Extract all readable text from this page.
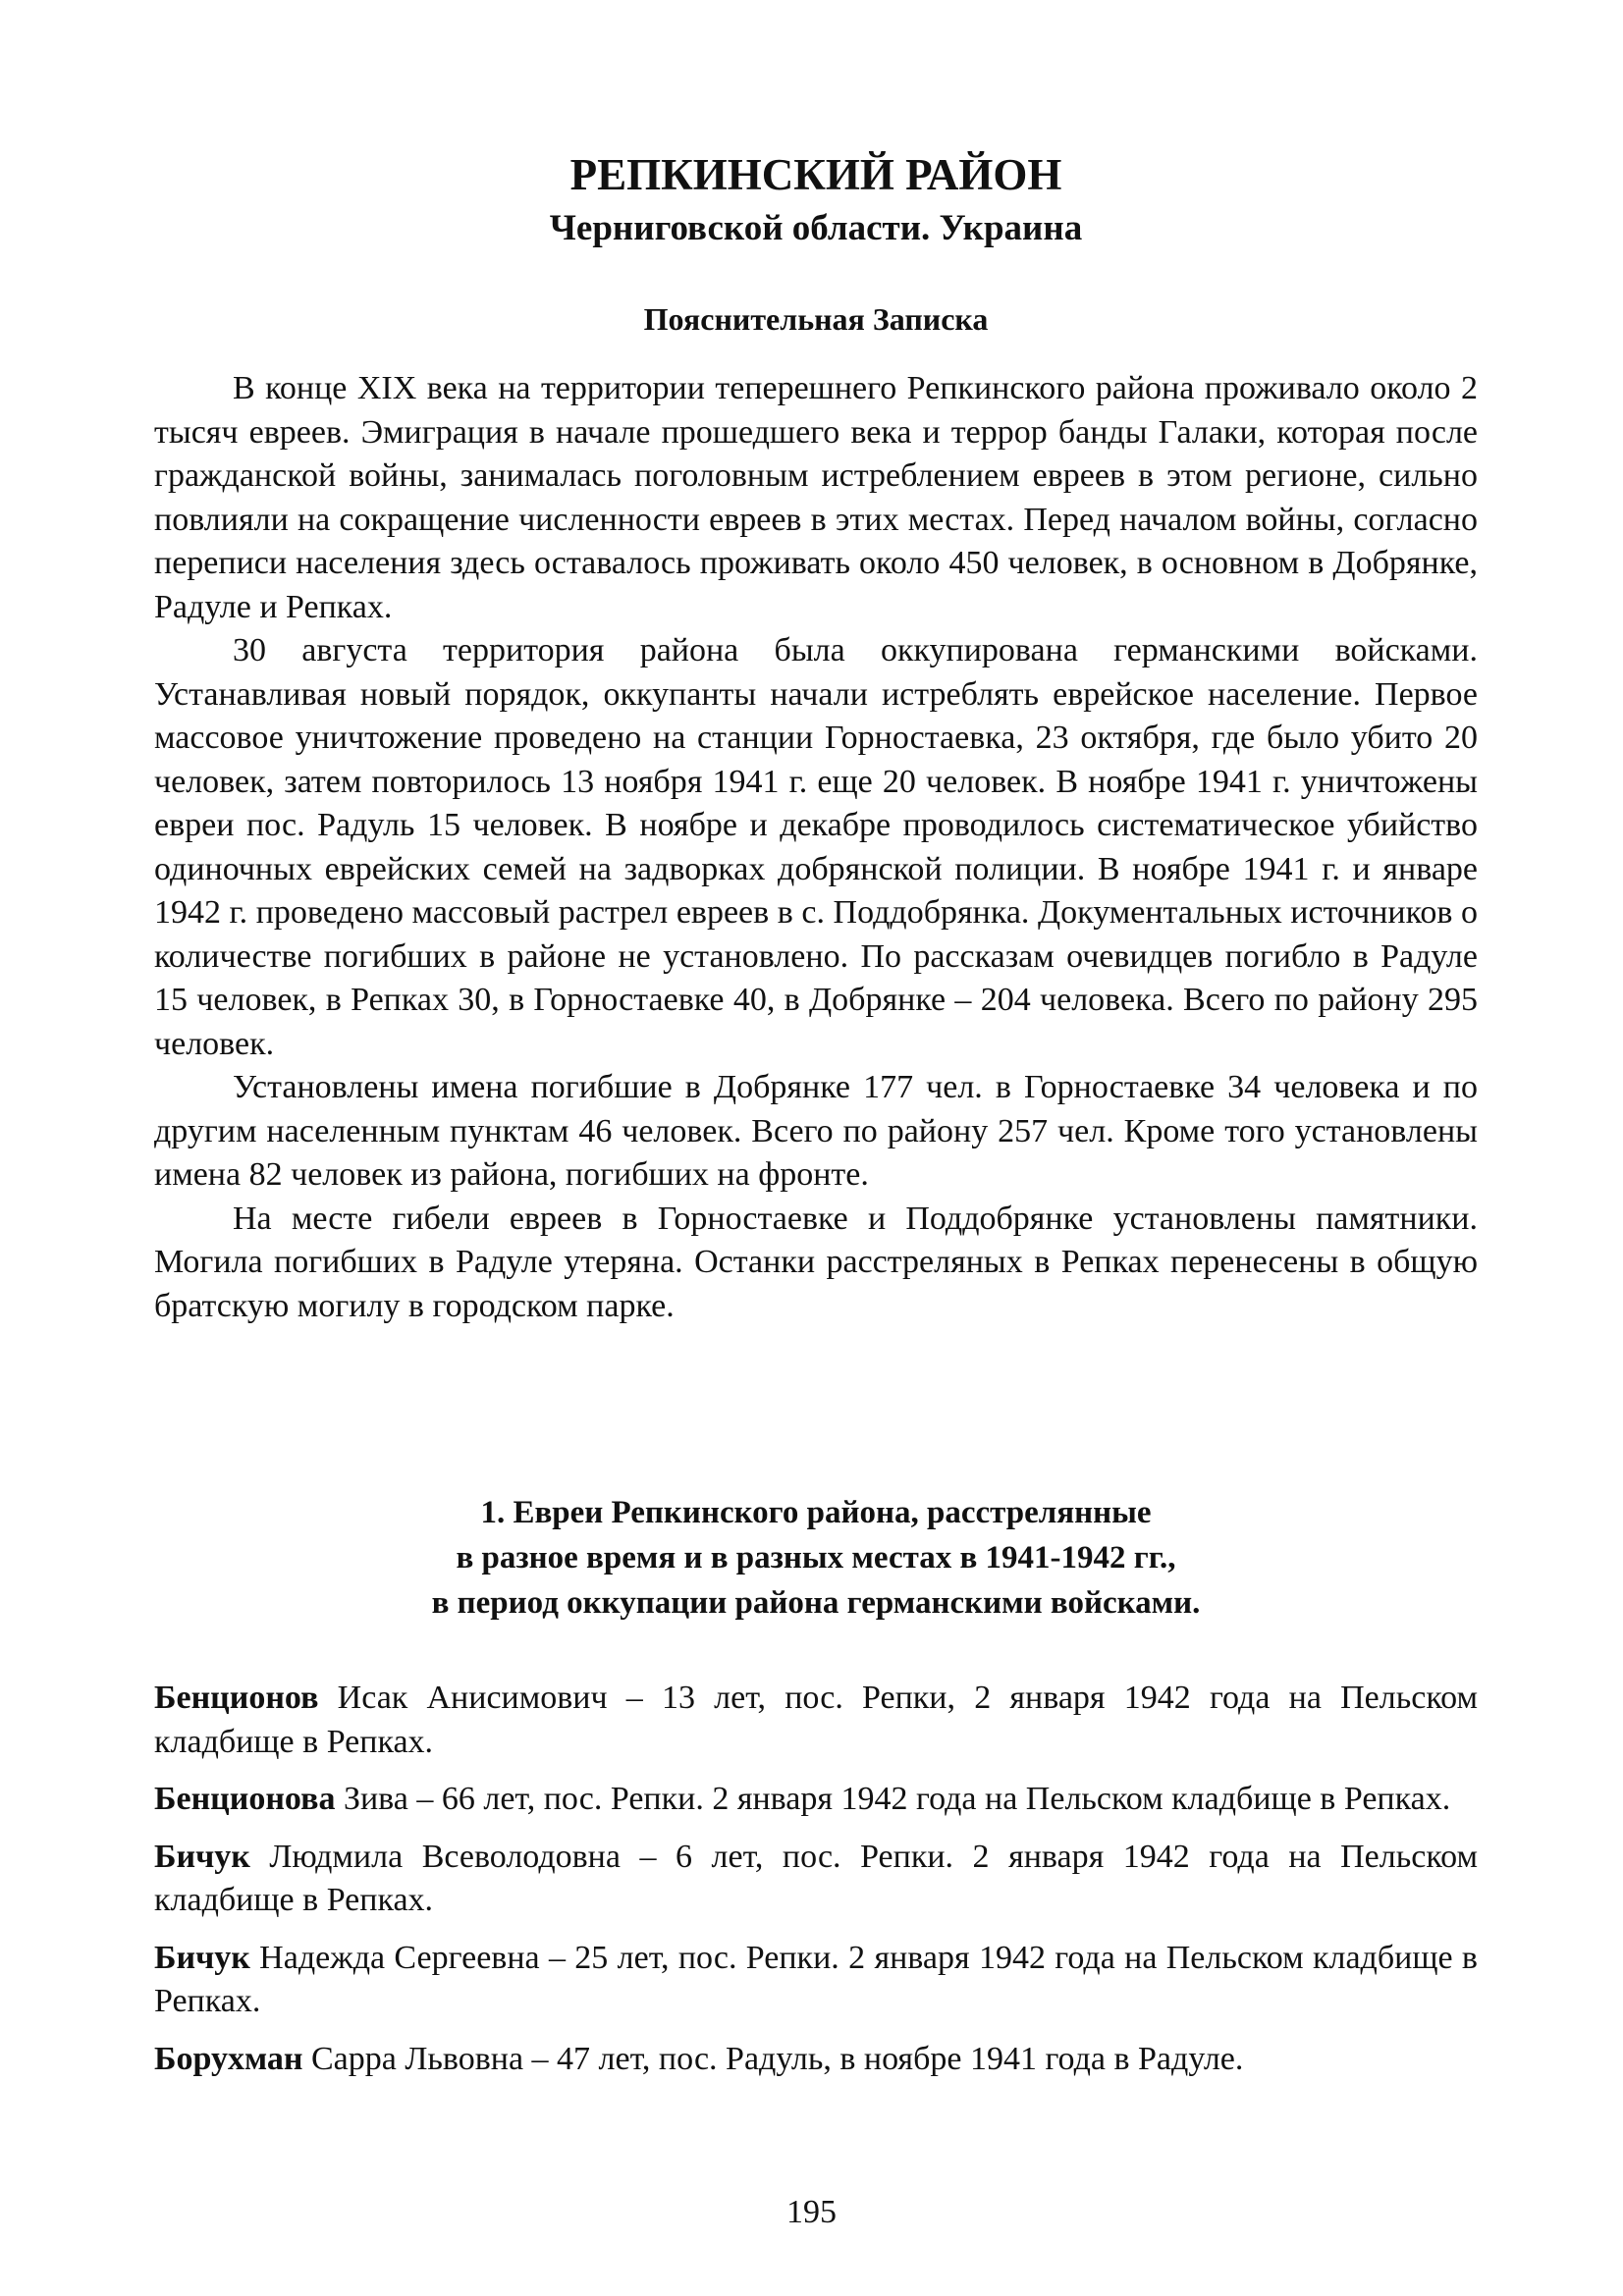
РЕПКИНСКИЙ РАЙОН
Черниговской области. Украина
Пояснительная Записка

В конце XIX века на территории теперешнего Репкинского района проживало около 2 тысяч евреев. Эмиграция в начале прошедшего века и террор банды Галаки, которая после гражданской войны, занималась поголовным истреблением евреев в этом регионе, сильно повлияли на сокращение численности евреев в этих местах. Перед началом войны, согласно переписи населения здесь оставалось проживать около 450 человек, в основном в Добрянке, Радуле и Репках.

30 августа территория района была оккупирована германскими войсками. Устанавливая новый порядок, оккупанты начали истреблять еврейское население. Первое массовое уничтожение проведено на станции Горностаевка, 23 октября, где было убито 20 человек, затем повторилось 13 ноября 1941 г. еще 20 человек. В ноябре 1941 г. уничтожены евреи пос. Радуль 15 человек. В ноябре и декабре проводилось систематическое убийство одиночных еврейских семей на задворках добрянской полиции. В ноябре 1941 г. и январе 1942 г. проведено массовый растрел евреев в с. Поддобрянка. Документальных источников о количестве погибших в районе не установлено. По рассказам очевидцев погибло в Радуле 15 человек, в Репках 30, в Горностаевке 40, в Добрянке – 204 человека. Всего по району 295 человек.

Установлены имена погибшие в Добрянке 177 чел. в Горностаевке 34 человека и по другим населенным пунктам 46 человек. Всего по району 257 чел. Кроме того установлены имена 82 человек из района, погибших на фронте.

На месте гибели евреев в Горностаевке и Поддобрянке установлены памятники. Могила погибших в Радуле утеряна. Останки расстреляных в Репках перенесены в общую братскую могилу в городском парке.

1. Евреи Репкинского района, расстрелянные
в разное время и в разных местах в 1941-1942 гг.,
в период оккупации района германскими войсками.

Бенционов Исак Анисимович – 13 лет, пос. Репки, 2 января 1942 года на Пельском кладбище в Репках.

Бенционова Зива – 66 лет, пос. Репки. 2 января 1942 года на Пельском кладбище в Репках.

Бичук Людмила Всеволодовна – 6 лет, пос. Репки. 2 января 1942 года на Пельском кладбище в Репках.

Бичук Надежда Сергеевна – 25 лет, пос. Репки. 2 января 1942 года на Пельском кладбище в Репках.

Борухман Сарра Львовна – 47 лет, пос. Радуль, в ноябре 1941 года в Радуле.

195
